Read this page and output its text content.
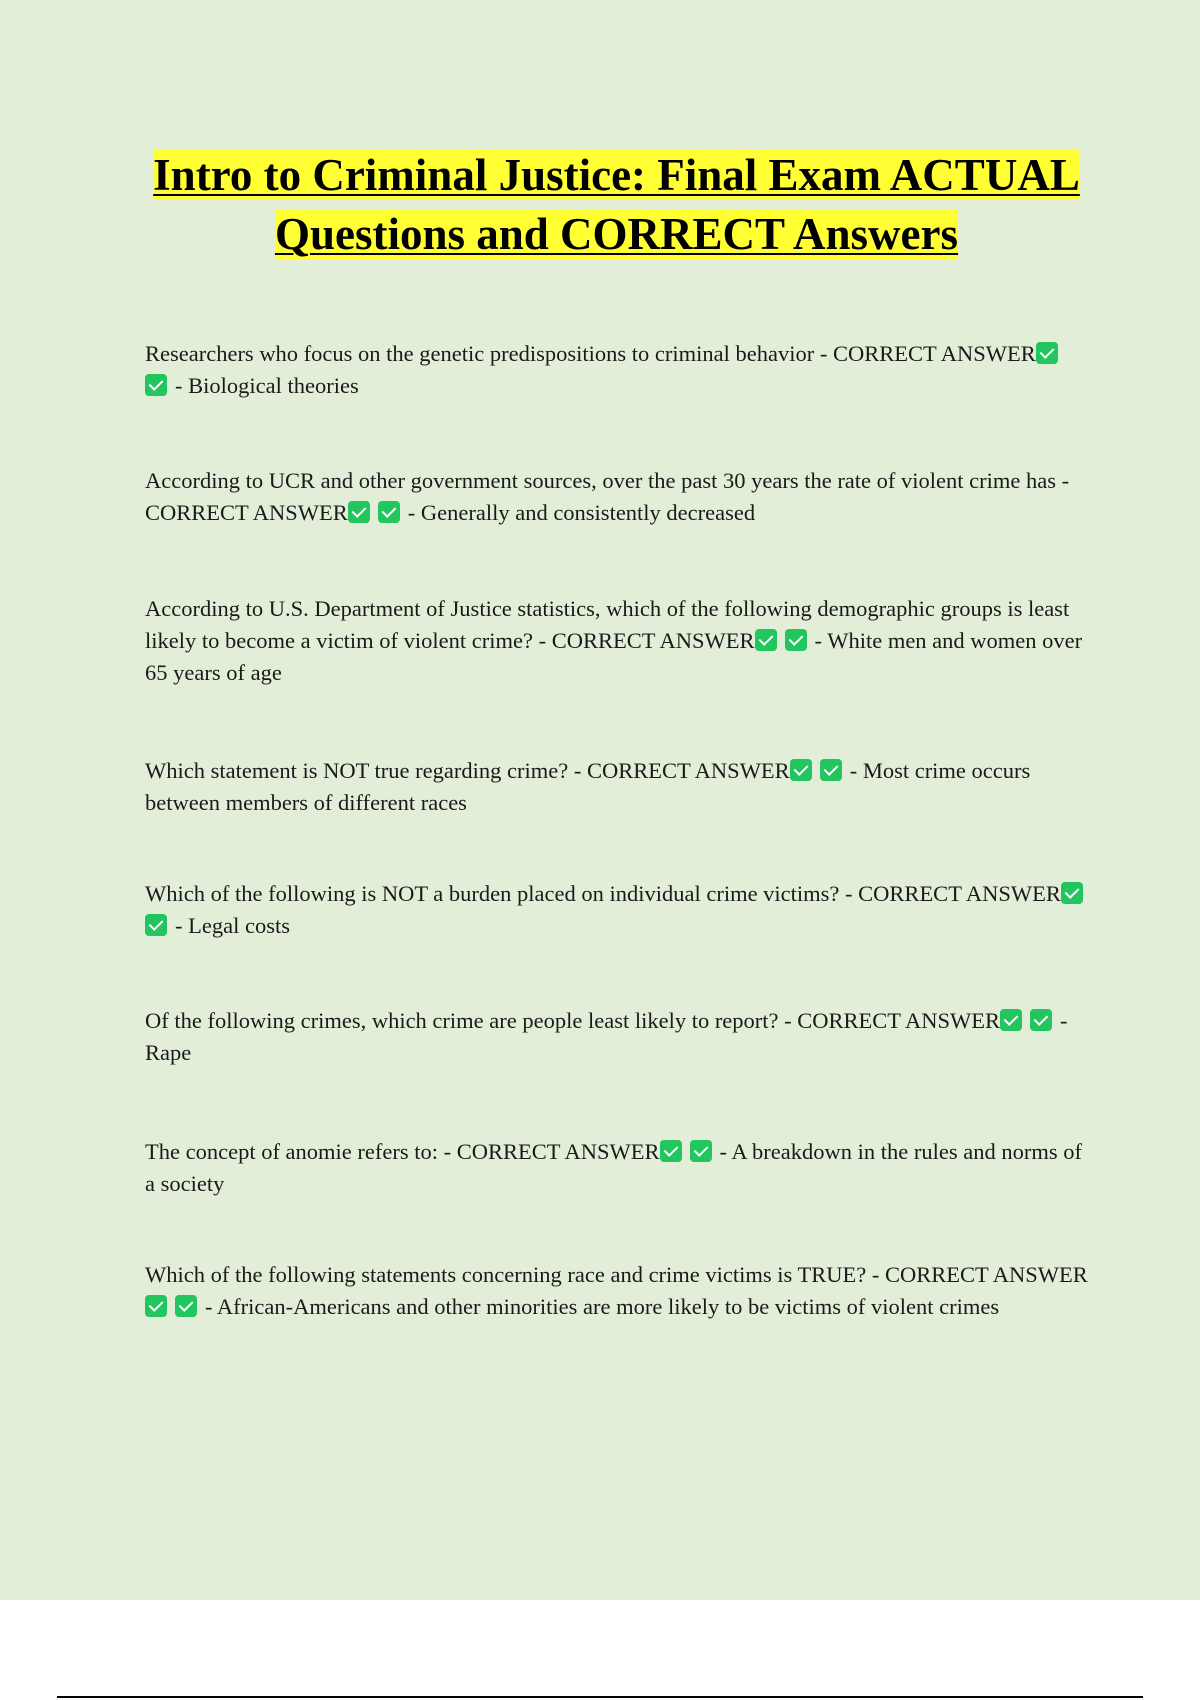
Intro to Criminal Justice: Final Exam ACTUAL Questions and CORRECT Answers

Researchers who focus on the genetic predispositions to criminal behavior - CORRECT ANSWER- Biological theories

According to UCR and other government sources, over the past 30 years the rate of violent crime has - CORRECT ANSWER	- Generally and consistently decreased

According to U.S. Department of Justice statistics, which of the following demographic groups is least likely to become a victim of violent crime? - CORRECT ANSWER	- White men and women over 65 years of age

Which statement is NOT true regarding crime? - CORRECT ANSWER	- Most crime occurs between members of different races

Which of the following is NOT a burden placed on individual crime victims? - CORRECT ANSWER- Legal costs

Of the following crimes, which crime are people least likely to report? - CORRECT ANSWER	- Rape

The concept of anomie refers to: - CORRECT ANSWER	- A breakdown in the rules and norms of a society

Which of the following statements concerning race and crime victims is TRUE? - CORRECT ANSWER- African-Americans and other minorities are more likely to be victims of violent crimes
